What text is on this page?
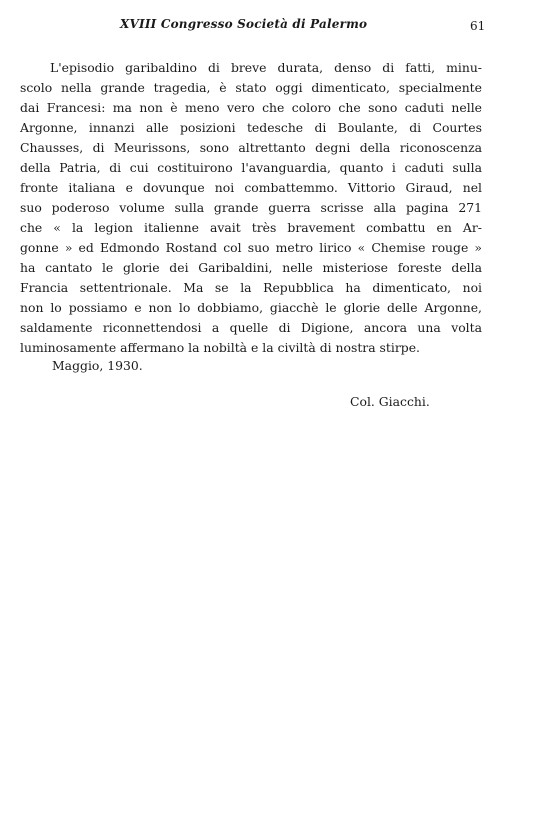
XVIII Congresso Società di Palermo	61
L'episodio garibaldino di breve durata, denso di fatti, minu-
scolo nella grande tragedia, è stato oggi dimenticato, specialmente
dai Francesi: ma non è meno vero che coloro che sono caduti nelle
Argonne, innanzi alle posizioni tedesche di Boulante, di Courtes
Chausses, di Meurissons, sono altrettanto degni della riconoscenza
della Patria, di cui costituirono l'avanguardia, quanto i caduti sulla
fronte italiana e dovunque noi combattemmo. Vittorio Giraud, nel
suo poderoso volume sulla grande guerra scrisse alla pagina 271
che « la legion italienne avait très bravement combattu en Ar-
gonne » ed Edmondo Rostand col suo metro lirico « Chemise rouge »
ha cantato le glorie dei Garibaldini, nelle misteriose foreste della
Francia settentrionale. Ma se la Repubblica ha dimenticato, noi
non lo possiamo e non lo dobbiamo, giacchè le glorie delle Argonne,
saldamente riconnettendosi a quelle di Digione, ancora una volta
luminosamente affermano la nobiltà e la civiltà di nostra stirpe.
Maggio, 1930.
Col. Giacchi.
